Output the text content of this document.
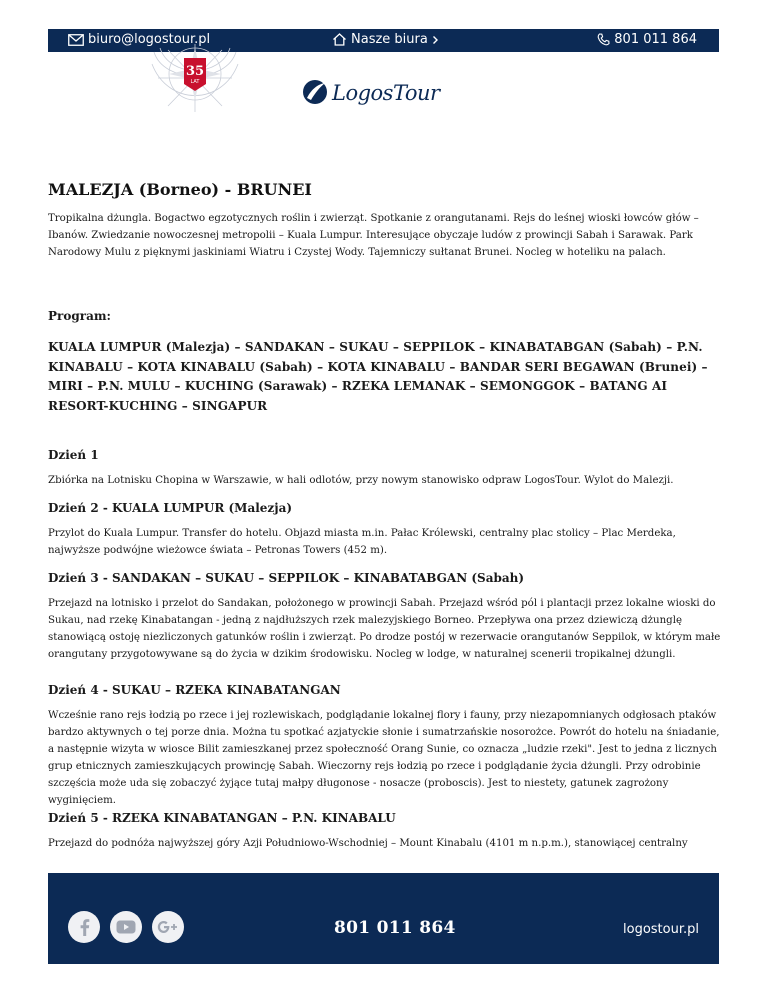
biuro@logostour.pl	Nasze biura	801 011 864
35
LAT	LogosTour
MALEZJA (Borneo) - BRUNEI

Tropikalna dżungla. Bogactwo egzotycznych roślin i zwierząt. Spotkanie z orangutanami. Rejs do leśnej wioski łowców głów – Ibanów. Zwiedzanie nowoczesnej metropolii – Kuala Lumpur. Interesujące obyczaje ludów z prowincji Sabah i Sarawak. Park Narodowy Mulu z pięknymi jaskiniami Wiatru i Czystej Wody. Tajemniczy sułtanat Brunei. Nocleg w hoteliku na palach.

Program:
KUALA LUMPUR (Malezja) – SANDAKAN – SUKAU – SEPPILOK – KINABATABGAN (Sabah) – P.N. KINABALU – KOTA KINABALU (Sabah) – KOTA KINABALU – BANDAR SERI BEGAWAN (Brunei) – MIRI – P.N. MULU – KUCHING (Sarawak) – RZEKA LEMANAK – SEMONGGOK – BATANG AI RESORT-KUCHING – SINGAPUR
Dzień 1

Zbiórka na Lotnisku Chopina w Warszawie, w hali odlotów, przy nowym stanowisko odpraw LogosTour. Wylot do Malezji.

Dzień 2 - KUALA LUMPUR (Malezja)

Przylot do Kuala Lumpur. Transfer do hotelu. Objazd miasta m.in. Pałac Królewski, centralny plac stolicy – Plac Merdeka, najwyższe podwójne wieżowce świata – Petronas Towers (452 m).

Dzień 3 - SANDAKAN – SUKAU – SEPPILOK – KINABATABGAN (Sabah)

Przejazd na lotnisko i przelot do Sandakan, położonego w prowincji Sabah. Przejazd wśród pól i plantacji przez lokalne wioski do Sukau, nad rzekę Kinabatangan - jedną z najdłuższych rzek malezyjskiego Borneo. Przepływa ona przez dziewiczą dżunglę stanowiącą ostoję niezliczonych gatunków roślin i zwierząt. Po drodze postój w rezerwacie orangutanów Seppilok, w którym małe orangutany przygotowywane są do życia w dzikim środowisku. Nocleg w lodge, w naturalnej scenerii tropikalnej dżungli.

Dzień 4 - SUKAU – RZEKA KINABATANGAN

Wcześnie rano rejs łodzią po rzece i jej rozlewiskach, podglądanie lokalnej flory i fauny, przy niezapomnianych odgłosach ptaków bardzo aktywnych o tej porze dnia. Można tu spotkać azjatyckie słonie i sumatrzańskie nosorożce. Powrót do hotelu na śniadanie, a następnie wizyta w wiosce Bilit zamieszkanej przez społeczność Orang Sunie, co oznacza „ludzie rzeki". Jest to jedna z licznych grup etnicznych zamieszkujących prowincję Sabah. Wieczorny rejs łodzią po rzece i podglądanie życia dżungli. Przy odrobinie szczęścia może uda się zobaczyć żyjące tutaj małpy długonose - nosacze (proboscis). Jest to niestety, gatunek zagrożony wyginięciem.

Dzień 5 - RZEKA KINABATANGAN – P.N. KINABALU

Przejazd do podnóża najwyższej góry Azji Południowo-Wschodniej – Mount Kinabalu (4101 m n.p.m.), stanowiącej centralny

801 011 864	logostour.pl
